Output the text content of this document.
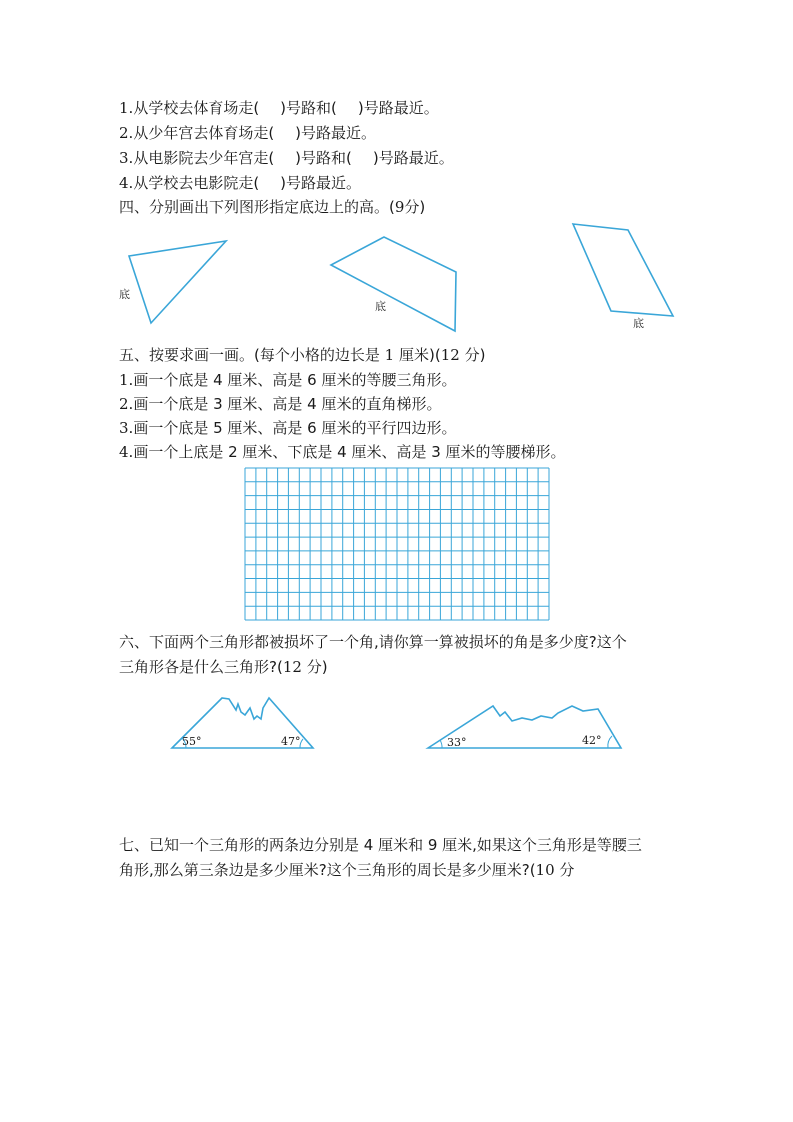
1.从学校去体育场走( )号路和( )号路最近。
2.从少年宫去体育场走( )号路最近。
3.从电影院去少年宫走( )号路和( )号路最近。
4.从学校去电影院走( )号路最近。
四、分别画出下列图形指定底边上的高。(9分)
底
底
底
五、按要求画一画。(每个小格的边长是 1 厘米)(12 分)
1.画一个底是 4 厘米、高是 6 厘米的等腰三角形。
2.画一个底是 3 厘米、高是 4 厘米的直角梯形。
3.画一个底是 5 厘米、高是 6 厘米的平行四边形。
4.画一个上底是 2 厘米、下底是 4 厘米、高是 3 厘米的等腰梯形。
六、下面两个三角形都被损坏了一个角,请你算一算被损坏的角是多少度?这个
三角形各是什么三角形?(12 分)
55°	47°	33°	42°
七、已知一个三角形的两条边分别是 4 厘米和 9 厘米,如果这个三角形是等腰三
角形,那么第三条边是多少厘米?这个三角形的周长是多少厘米?(10 分
